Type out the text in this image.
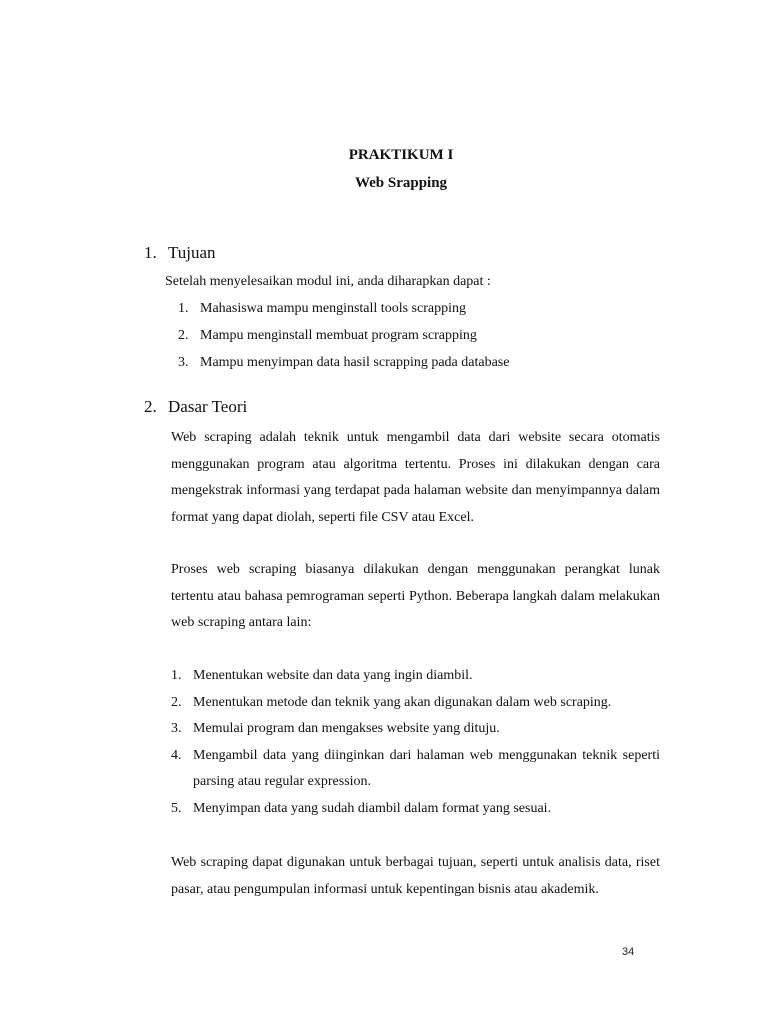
PRAKTIKUM I
Web Srapping
1. Tujuan
Setelah menyelesaikan modul ini, anda diharapkan dapat :
1. Mahasiswa mampu menginstall tools scrapping
2. Mampu menginstall membuat program scrapping
3. Mampu menyimpan data hasil scrapping pada database
2. Dasar Teori

Web scraping adalah teknik untuk mengambil data dari website secara otomatis menggunakan program atau algoritma tertentu. Proses ini dilakukan dengan cara mengekstrak informasi yang terdapat pada halaman website dan menyimpannya dalam format yang dapat diolah, seperti file CSV atau Excel.

Proses web scraping biasanya dilakukan dengan menggunakan perangkat lunak tertentu atau bahasa pemrograman seperti Python. Beberapa langkah dalam melakukan web scraping antara lain:

1. Menentukan website dan data yang ingin diambil.
2. Menentukan metode dan teknik yang akan digunakan dalam web scraping.
3. Memulai program dan mengakses website yang dituju.
4. Mengambil data yang diinginkan dari halaman web menggunakan teknik seperti parsing atau regular expression.
5. Menyimpan data yang sudah diambil dalam format yang sesuai.

Web scraping dapat digunakan untuk berbagai tujuan, seperti untuk analisis data, riset pasar, atau pengumpulan informasi untuk kepentingan bisnis atau akademik.

34
